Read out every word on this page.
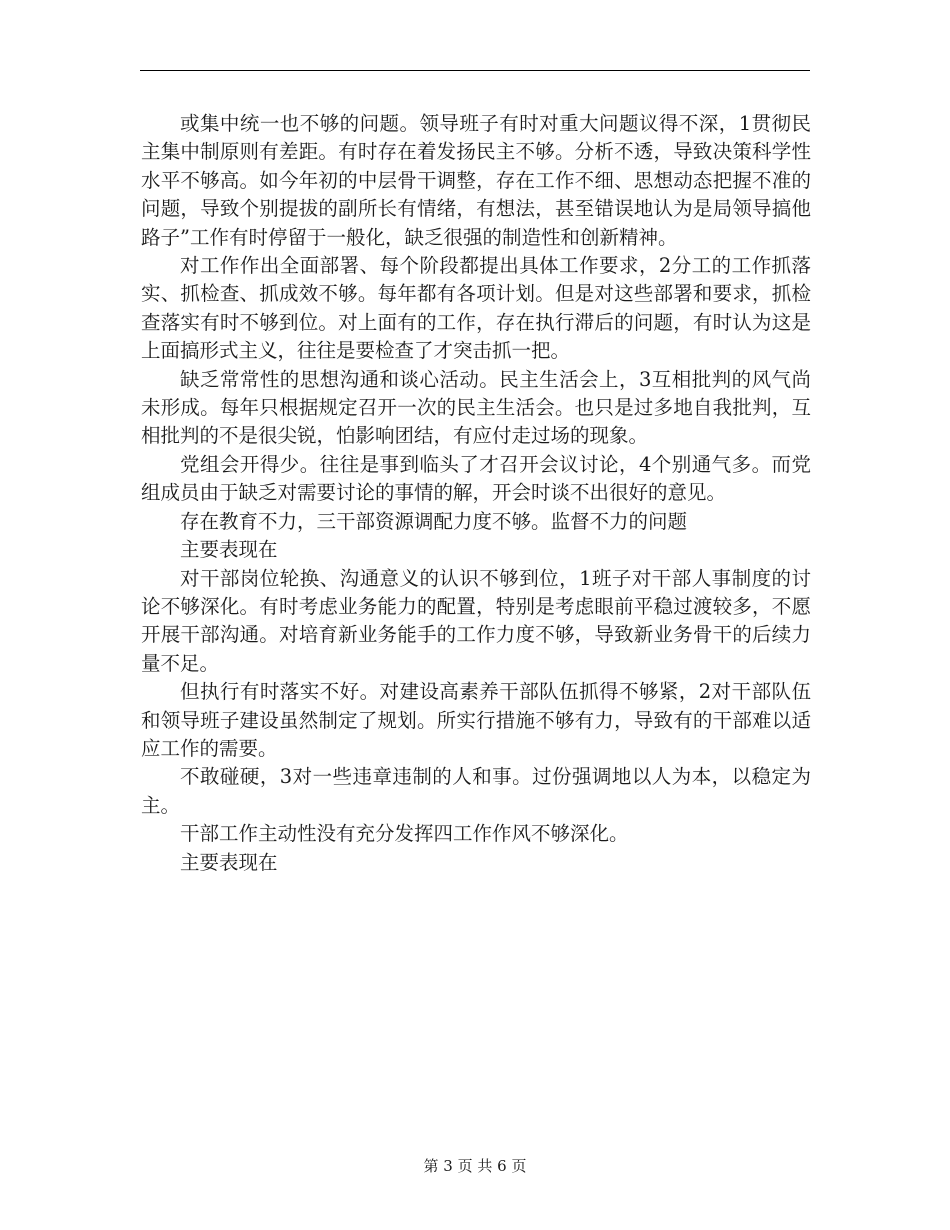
或集中统一也不够的问题。领导班子有时对重大问题议得不深，1贯彻民主集中制原则有差距。有时存在着发扬民主不够。分析不透，导致决策科学性水平不够高。如今年初的中层骨干调整，存在工作不细、思想动态把握不准的问题，导致个别提拔的副所长有情绪，有想法，甚至错误地认为是局领导搞他路子”工作有时停留于一般化，缺乏很强的制造性和创新精神。

对工作作出全面部署、每个阶段都提出具体工作要求，2分工的工作抓落实、抓检查、抓成效不够。每年都有各项计划。但是对这些部署和要求，抓检查落实有时不够到位。对上面有的工作，存在执行滞后的问题，有时认为这是上面搞形式主义，往往是要检查了才突击抓一把。

缺乏常常性的思想沟通和谈心活动。民主生活会上，3互相批判的风气尚未形成。每年只根据规定召开一次的民主生活会。也只是过多地自我批判，互相批判的不是很尖锐，怕影响团结，有应付走过场的现象。

党组会开得少。往往是事到临头了才召开会议讨论，4个别通气多。而党组成员由于缺乏对需要讨论的事情的解，开会时谈不出很好的意见。

存在教育不力，三干部资源调配力度不够。监督不力的问题

主要表现在

对干部岗位轮换、沟通意义的认识不够到位，1班子对干部人事制度的讨论不够深化。有时考虑业务能力的配置，特别是考虑眼前平稳过渡较多，不愿开展干部沟通。对培育新业务能手的工作力度不够，导致新业务骨干的后续力量不足。

但执行有时落实不好。对建设高素养干部队伍抓得不够紧，2对干部队伍和领导班子建设虽然制定了规划。所实行措施不够有力，导致有的干部难以适应工作的需要。

不敢碰硬，3对一些违章违制的人和事。过份强调地以人为本，以稳定为主。

干部工作主动性没有充分发挥四工作作风不够深化。

主要表现在

第 3 页 共 6 页
